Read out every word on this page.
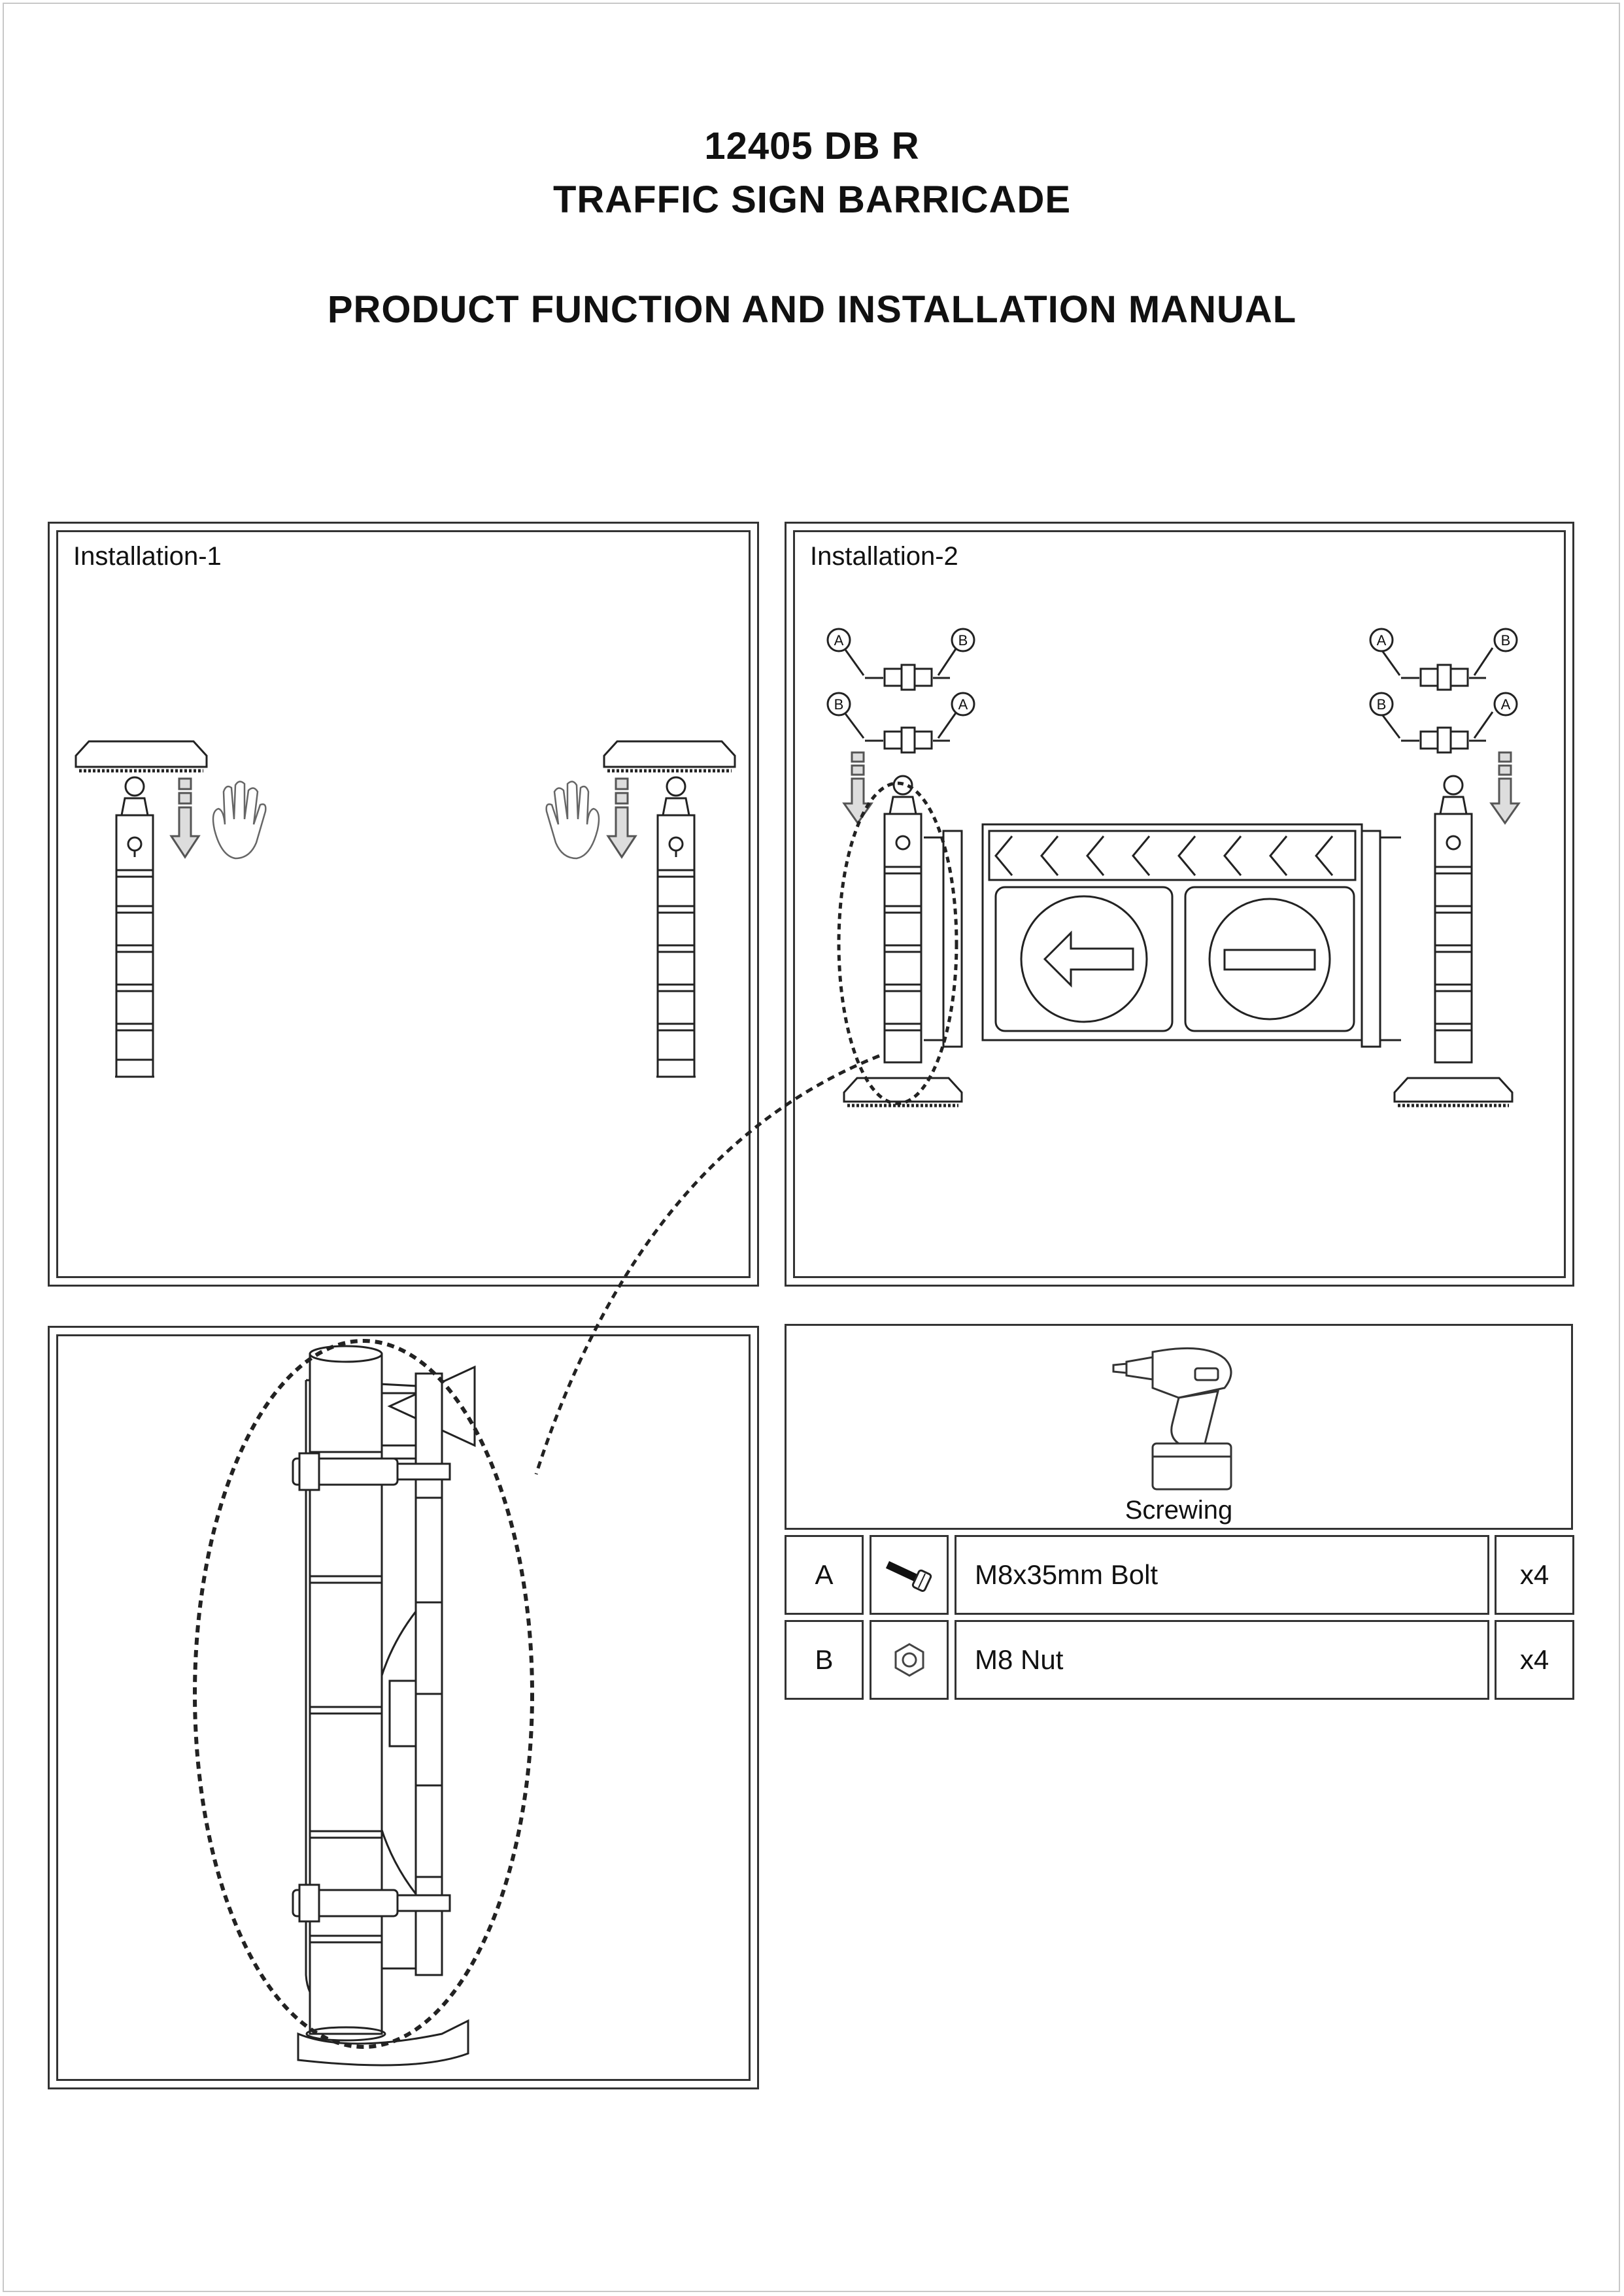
12405 DB R
TRAFFIC SIGN BARRICADE
PRODUCT FUNCTION AND INSTALLATION MANUAL
Installation-1	Installation-2
A	B
B	A
A	B
B	A
Screwing
A	M8x35mm Bolt	x4
B	M8 Nut	x4
